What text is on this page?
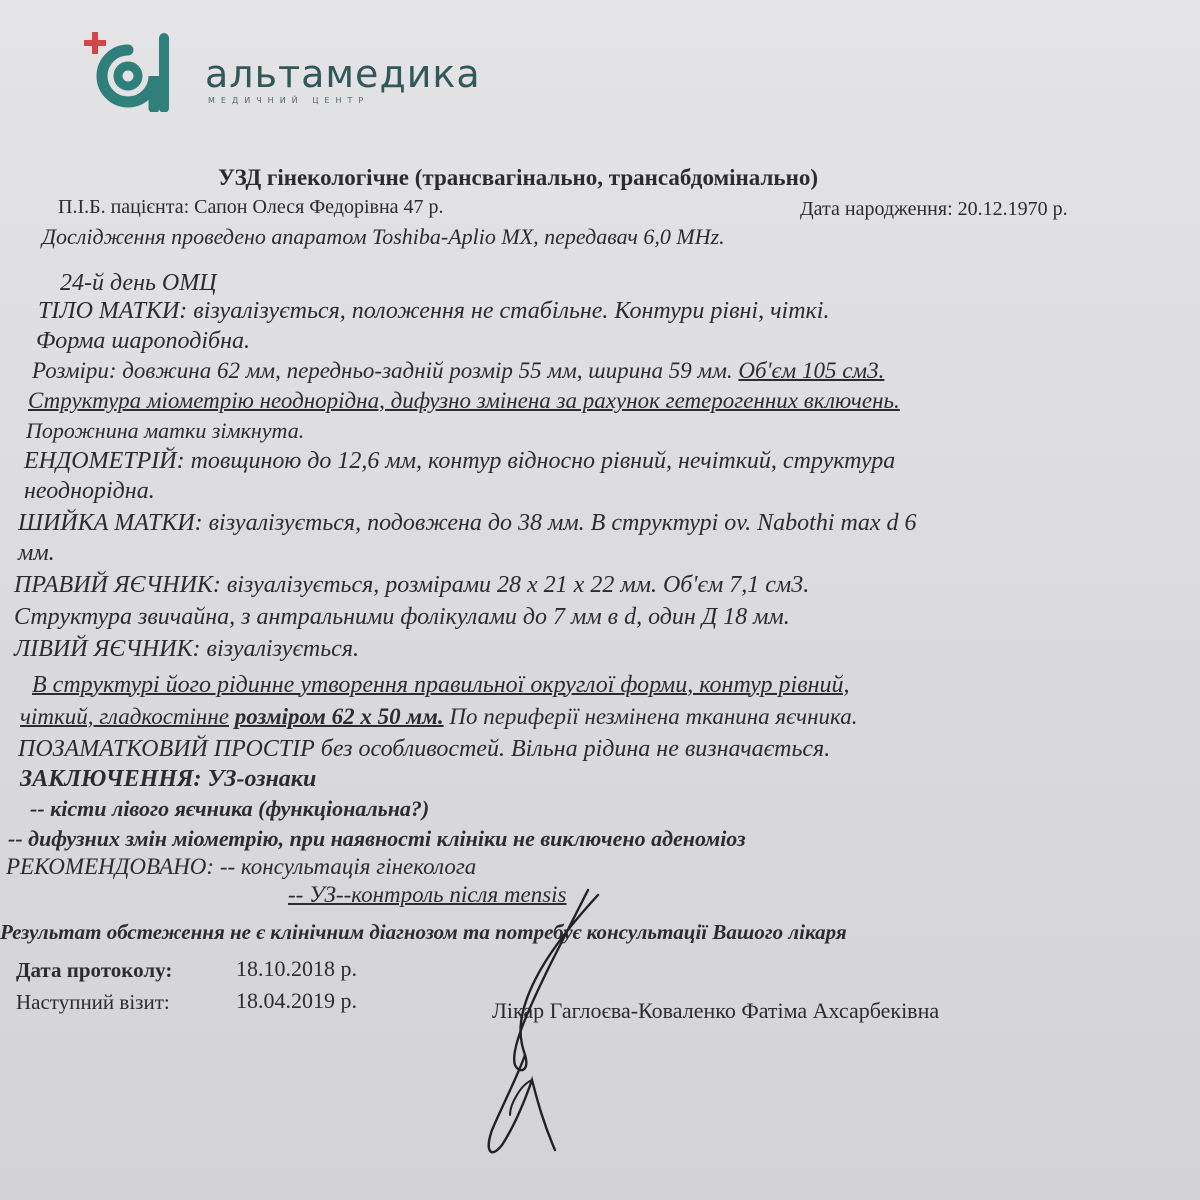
альтамедика
МЕДИЧНИЙ ЦЕНТР
УЗД гінекологічне (трансвагінально, трансабдомінально)
П.І.Б. пацієнта: Сапон Олеся Федорівна 47 р.	Дата народження: 20.12.1970 р.
Дослідження проведено апаратом Toshiba-Aplio MX, передавач 6,0 MHz.
24-й день ОМЦ
ТІЛО МАТКИ: візуалізується, положення не стабільне. Контури рівні, чіткі.
Форма шароподібна.
Розміри: довжина 62 мм, передньо-задній розмір 55 мм, ширина 59 мм. Об'єм 105 см3.
Структура міометрію неоднорідна, дифузно змінена за рахунок гетерогенних включень.
Порожнина матки зімкнута.
ЕНДОМЕТРІЙ: товщиною до 12,6 мм, контур відносно рівний, нечіткий, структура
неоднорідна.
ШИЙКА МАТКИ: візуалізується, подовжена до 38 мм. В структурі ov. Nabothi max d 6
мм.
ПРАВИЙ ЯЄЧНИК: візуалізується, розмірами 28 х 21 х 22 мм. Об'єм 7,1 см3.
Структура звичайна, з антральними фолікулами до 7 мм в d, один Д 18 мм.
ЛІВИЙ ЯЄЧНИК: візуалізується.
В структурі його рідинне утворення правильної округлої форми, контур рівний,
чіткий, гладкостінне розміром 62 х 50 мм. По периферії незмінена тканина яєчника.
ПОЗАМАТКОВИЙ ПРОСТІР без особливостей. Вільна рідина не визначається.
ЗАКЛЮЧЕННЯ: УЗ-ознаки
-- кісти лівого яєчника (функціональна?)
-- дифузних змін міометрію, при наявності клініки не виключено аденоміоз
РЕКОМЕНДОВАНО: -- консультація гінеколога
-- УЗ--контроль після mensis
Результат обстеження не є клінічним діагнозом та потребує консультації Вашого лікаря
Дата протоколу:	18.10.2018 р.
Наступний візит:	18.04.2019 р.	Лікар Гаглоєва-Коваленко Фатіма Ахсарбеківна
